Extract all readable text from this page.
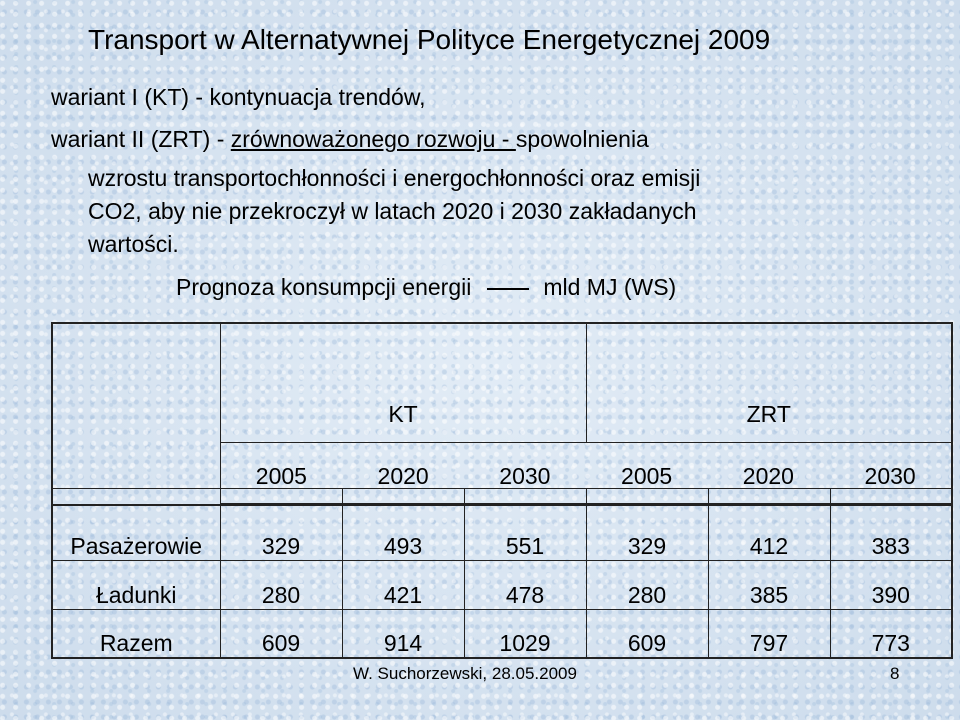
Transport w Alternatywnej Polityce Energetycznej 2009
wariant I (KT) - kontynuacja trendów,
wariant II (ZRT) - zrównoważonego rozwoju - spowolnienia
wzrostu transportochłonności i energochłonności oraz emisji
CO2, aby nie przekroczył w latach 2020 i 2030 zakładanych
wartości.
Prognoza konsumpcji energii	mld MJ (WS)

KT	ZRT

2005	2020	2030	2005	2020	2030

Pasażerowie	329	493	551	329	412	383
Ładunki	280	421	478	280	385	390
Razem	609	914	1029	609	797	773
W. Suchorzewski, 28.05.2009	8
